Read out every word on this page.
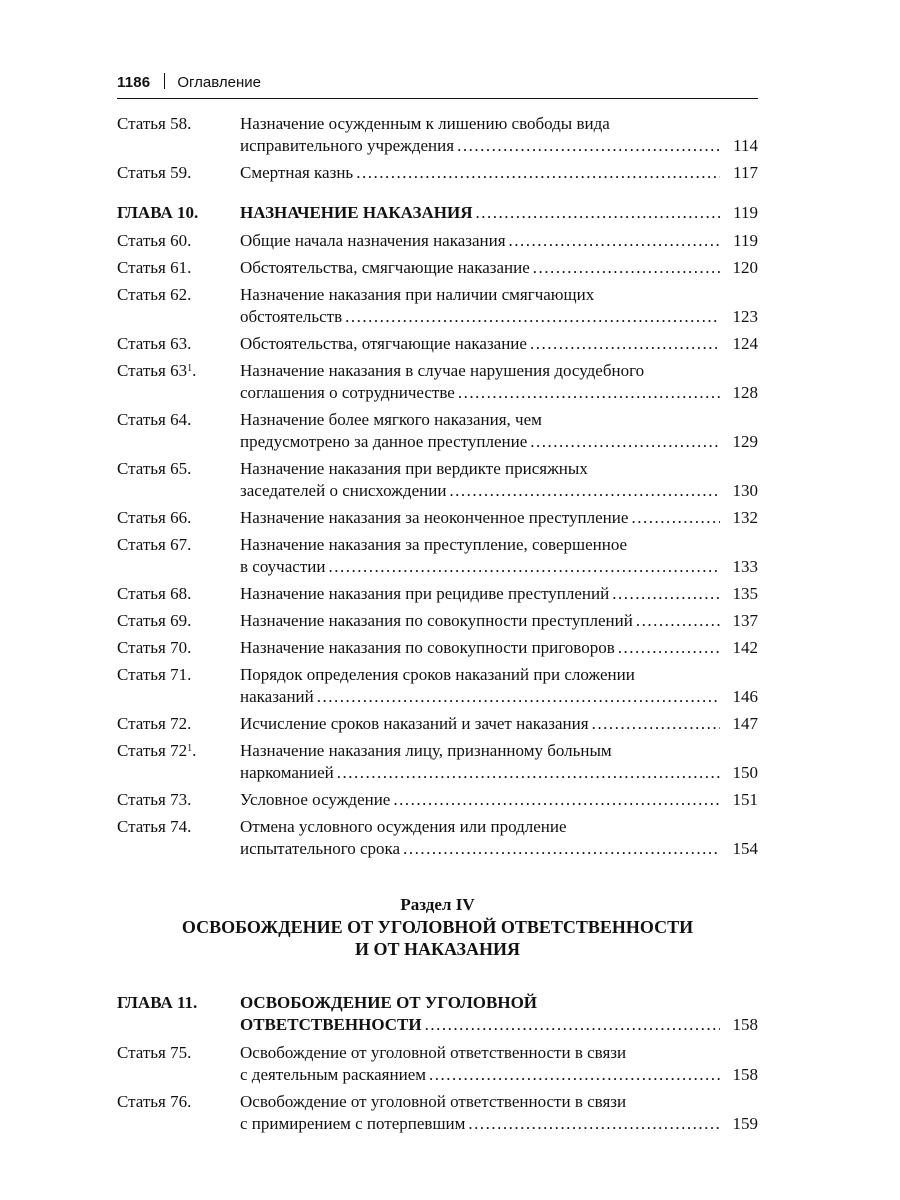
1186 Оглавление
Статья 58.	Назначение осужденным к лишению свободы вида
исправительного учреждения .....	114
Статья 59.	Смертная казнь .....	117
ГЛАВА 10.	НАЗНАЧЕНИЕ НАКАЗАНИЯ .....	119
Статья 60.	Общие начала назначения наказания .....	119
Статья 61.	Обстоятельства, смягчающие наказание .....	120
Статья 62.	Назначение наказания при наличии смягчающих
обстоятельств .....	123
Статья 63.	Обстоятельства, отягчающие наказание .....	124
Статья $63^1$.	Назначение наказания в случае нарушения досудебного
соглашения о сотрудничестве .....	128
Статья 64.	Назначение более мягкого наказания, чем
предусмотрено за данное преступление .....	129
Статья 65.	Назначение наказания при вердикте присяжных
заседателей о снисхождении .....	130
Статья 66.	Назначение наказания за неоконченное преступление .....	132
Статья 67.	Назначение наказания за преступление, совершенное
в соучастии .....	133
Статья 68.	Назначение наказания при рецидиве преступлений .....	135
Статья 69.	Назначение наказания по совокупности преступлений .....	137
Статья 70.	Назначение наказания по совокупности приговоров .....	142
Статья 71.	Порядок определения сроков наказаний при сложении
наказаний .....	146
Статья 72.	Исчисление сроков наказаний и зачет наказания .....	147
Статья $72^1$.	Назначение наказания лицу, признанному больным
наркоманией .....	150
Статья 73.	Условное осуждение .....	151
Статья 74.	Отмена условного осуждения или продление
испытательного срока .....	154
Раздел IV
ОСВОБОЖДЕНИЕ ОТ УГОЛОВНОЙ ОТВЕТСТВЕННОСТИ
И ОТ НАКАЗАНИЯ
ГЛАВА 11.	ОСВОБОЖДЕНИЕ ОТ УГОЛОВНОЙ
ОТВЕТСТВЕННОСТИ .....	158
Статья 75.	Освобождение от уголовной ответственности в связи
с деятельным раскаянием .....	158
Статья 76.	Освобождение от уголовной ответственности в связи
с примирением с потерпевшим .....	159
